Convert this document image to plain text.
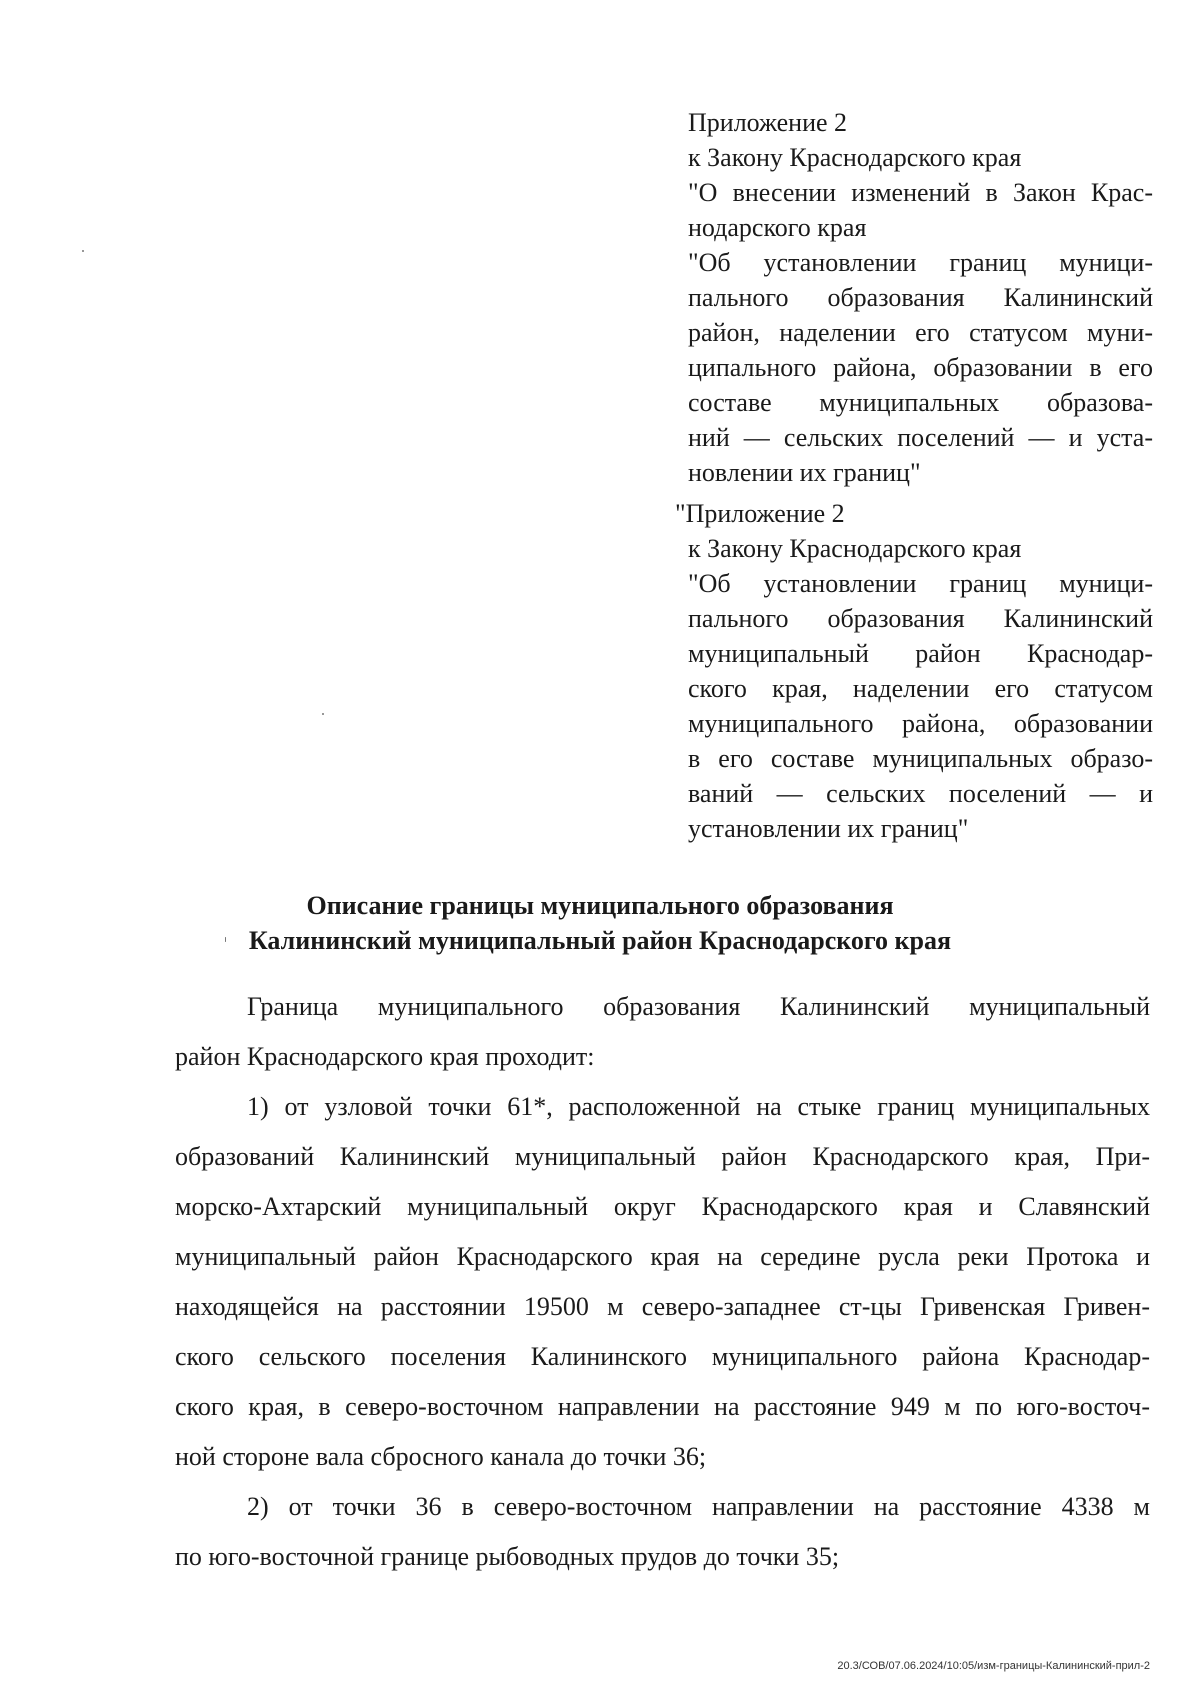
Приложение 2
к Закону Краснодарского края
"О внесении изменений в Закон Крас-
нодарского края
"Об установлении границ муници-
пального образования Калининский
район, наделении его статусом муни-
ципального района, образовании в его
составе муниципальных образова-
ний — сельских поселений — и уста-
новлении их границ"
"Приложение 2
к Закону Краснодарского края
"Об установлении границ муници-
пального образования Калининский
муниципальный район Краснодар-
ского края, наделении его статусом
муниципального района, образовании
в его составе муниципальных образо-
ваний — сельских поселений — и
установлении их границ"
Описание границы муниципального образования
Калининский муниципальный район Краснодарского края
Граница муниципального образования Калининский муниципальный
район Краснодарского края проходит:
1) от узловой точки 61*, расположенной на стыке границ муниципальных
образований Калининский муниципальный район Краснодарского края, При-
морско-Ахтарский муниципальный округ Краснодарского края и Славянский
муниципальный район Краснодарского края на середине русла реки Протока и
находящейся на расстоянии 19500 м северо-западнее ст-цы Гривенская Гривен-
ского сельского поселения Калининского муниципального района Краснодар-
ского края, в северо-восточном направлении на расстояние 949 м по юго-восточ-
ной стороне вала сбросного канала до точки 36;
2) от точки 36 в северо-восточном направлении на расстояние 4338 м
по юго-восточной границе рыбоводных прудов до точки 35;
20.3/СОВ/07.06.2024/10:05/изм-границы-Калининский-прил-2
